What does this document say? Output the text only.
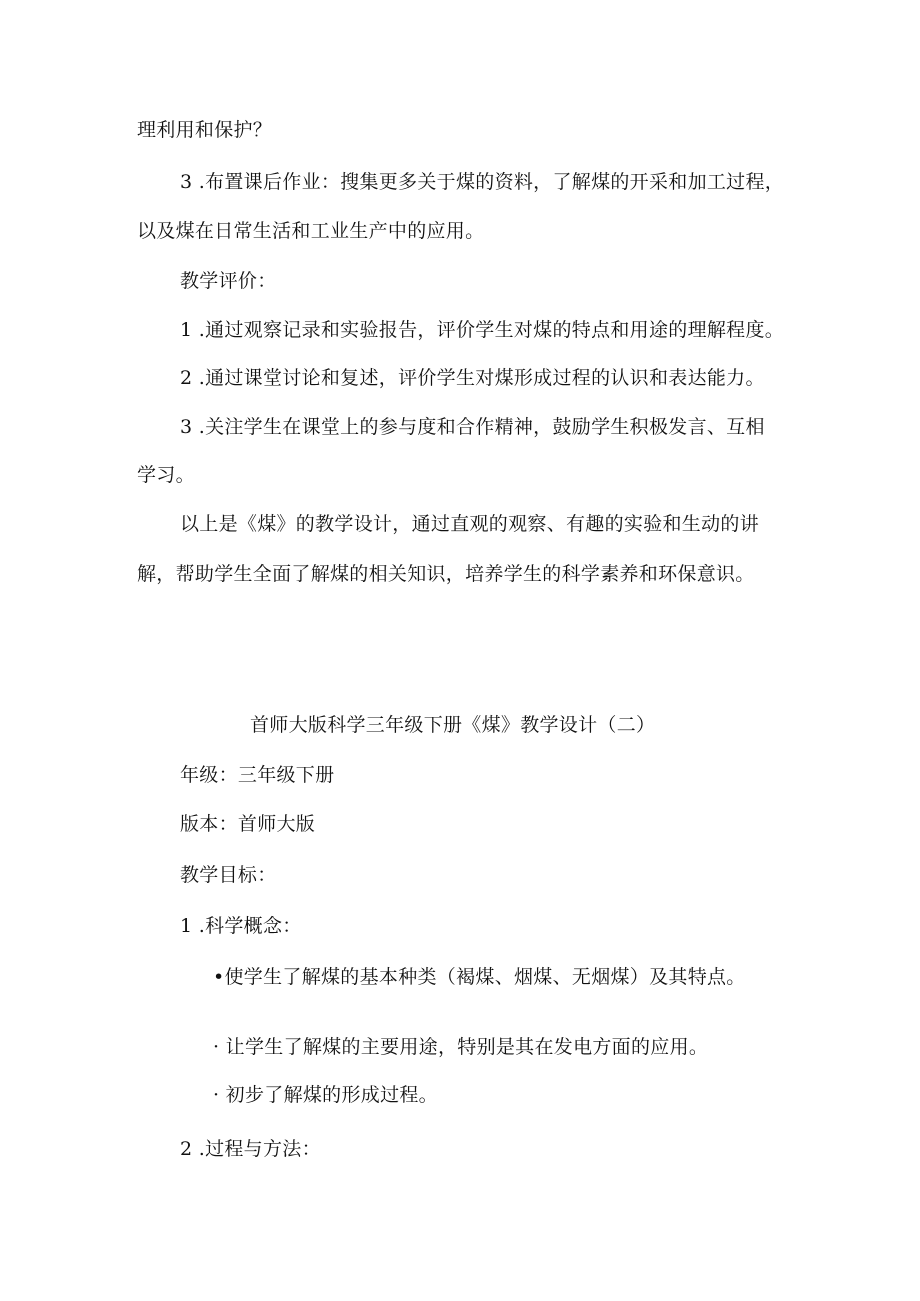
理利用和保护？
3 .布置课后作业：搜集更多关于煤的资料，了解煤的开采和加工过程，
以及煤在日常生活和工业生产中的应用。
教学评价：
1 .通过观察记录和实验报告，评价学生对煤的特点和用途的理解程度。
2 .通过课堂讨论和复述，评价学生对煤形成过程的认识和表达能力。
3 .关注学生在课堂上的参与度和合作精神，鼓励学生积极发言、互相
学习。
以上是《煤》的教学设计，通过直观的观察、有趣的实验和生动的讲
解，帮助学生全面了解煤的相关知识，培养学生的科学素养和环保意识。
首师大版科学三年级下册《煤》教学设计（二）
年级：三年级下册
版本：首师大版
教学目标：
1 .科学概念：
•使学生了解煤的基本种类（褐煤、烟煤、无烟煤）及其特点。
· 让学生了解煤的主要用途，特别是其在发电方面的应用。
· 初步了解煤的形成过程。
2 .过程与方法：
